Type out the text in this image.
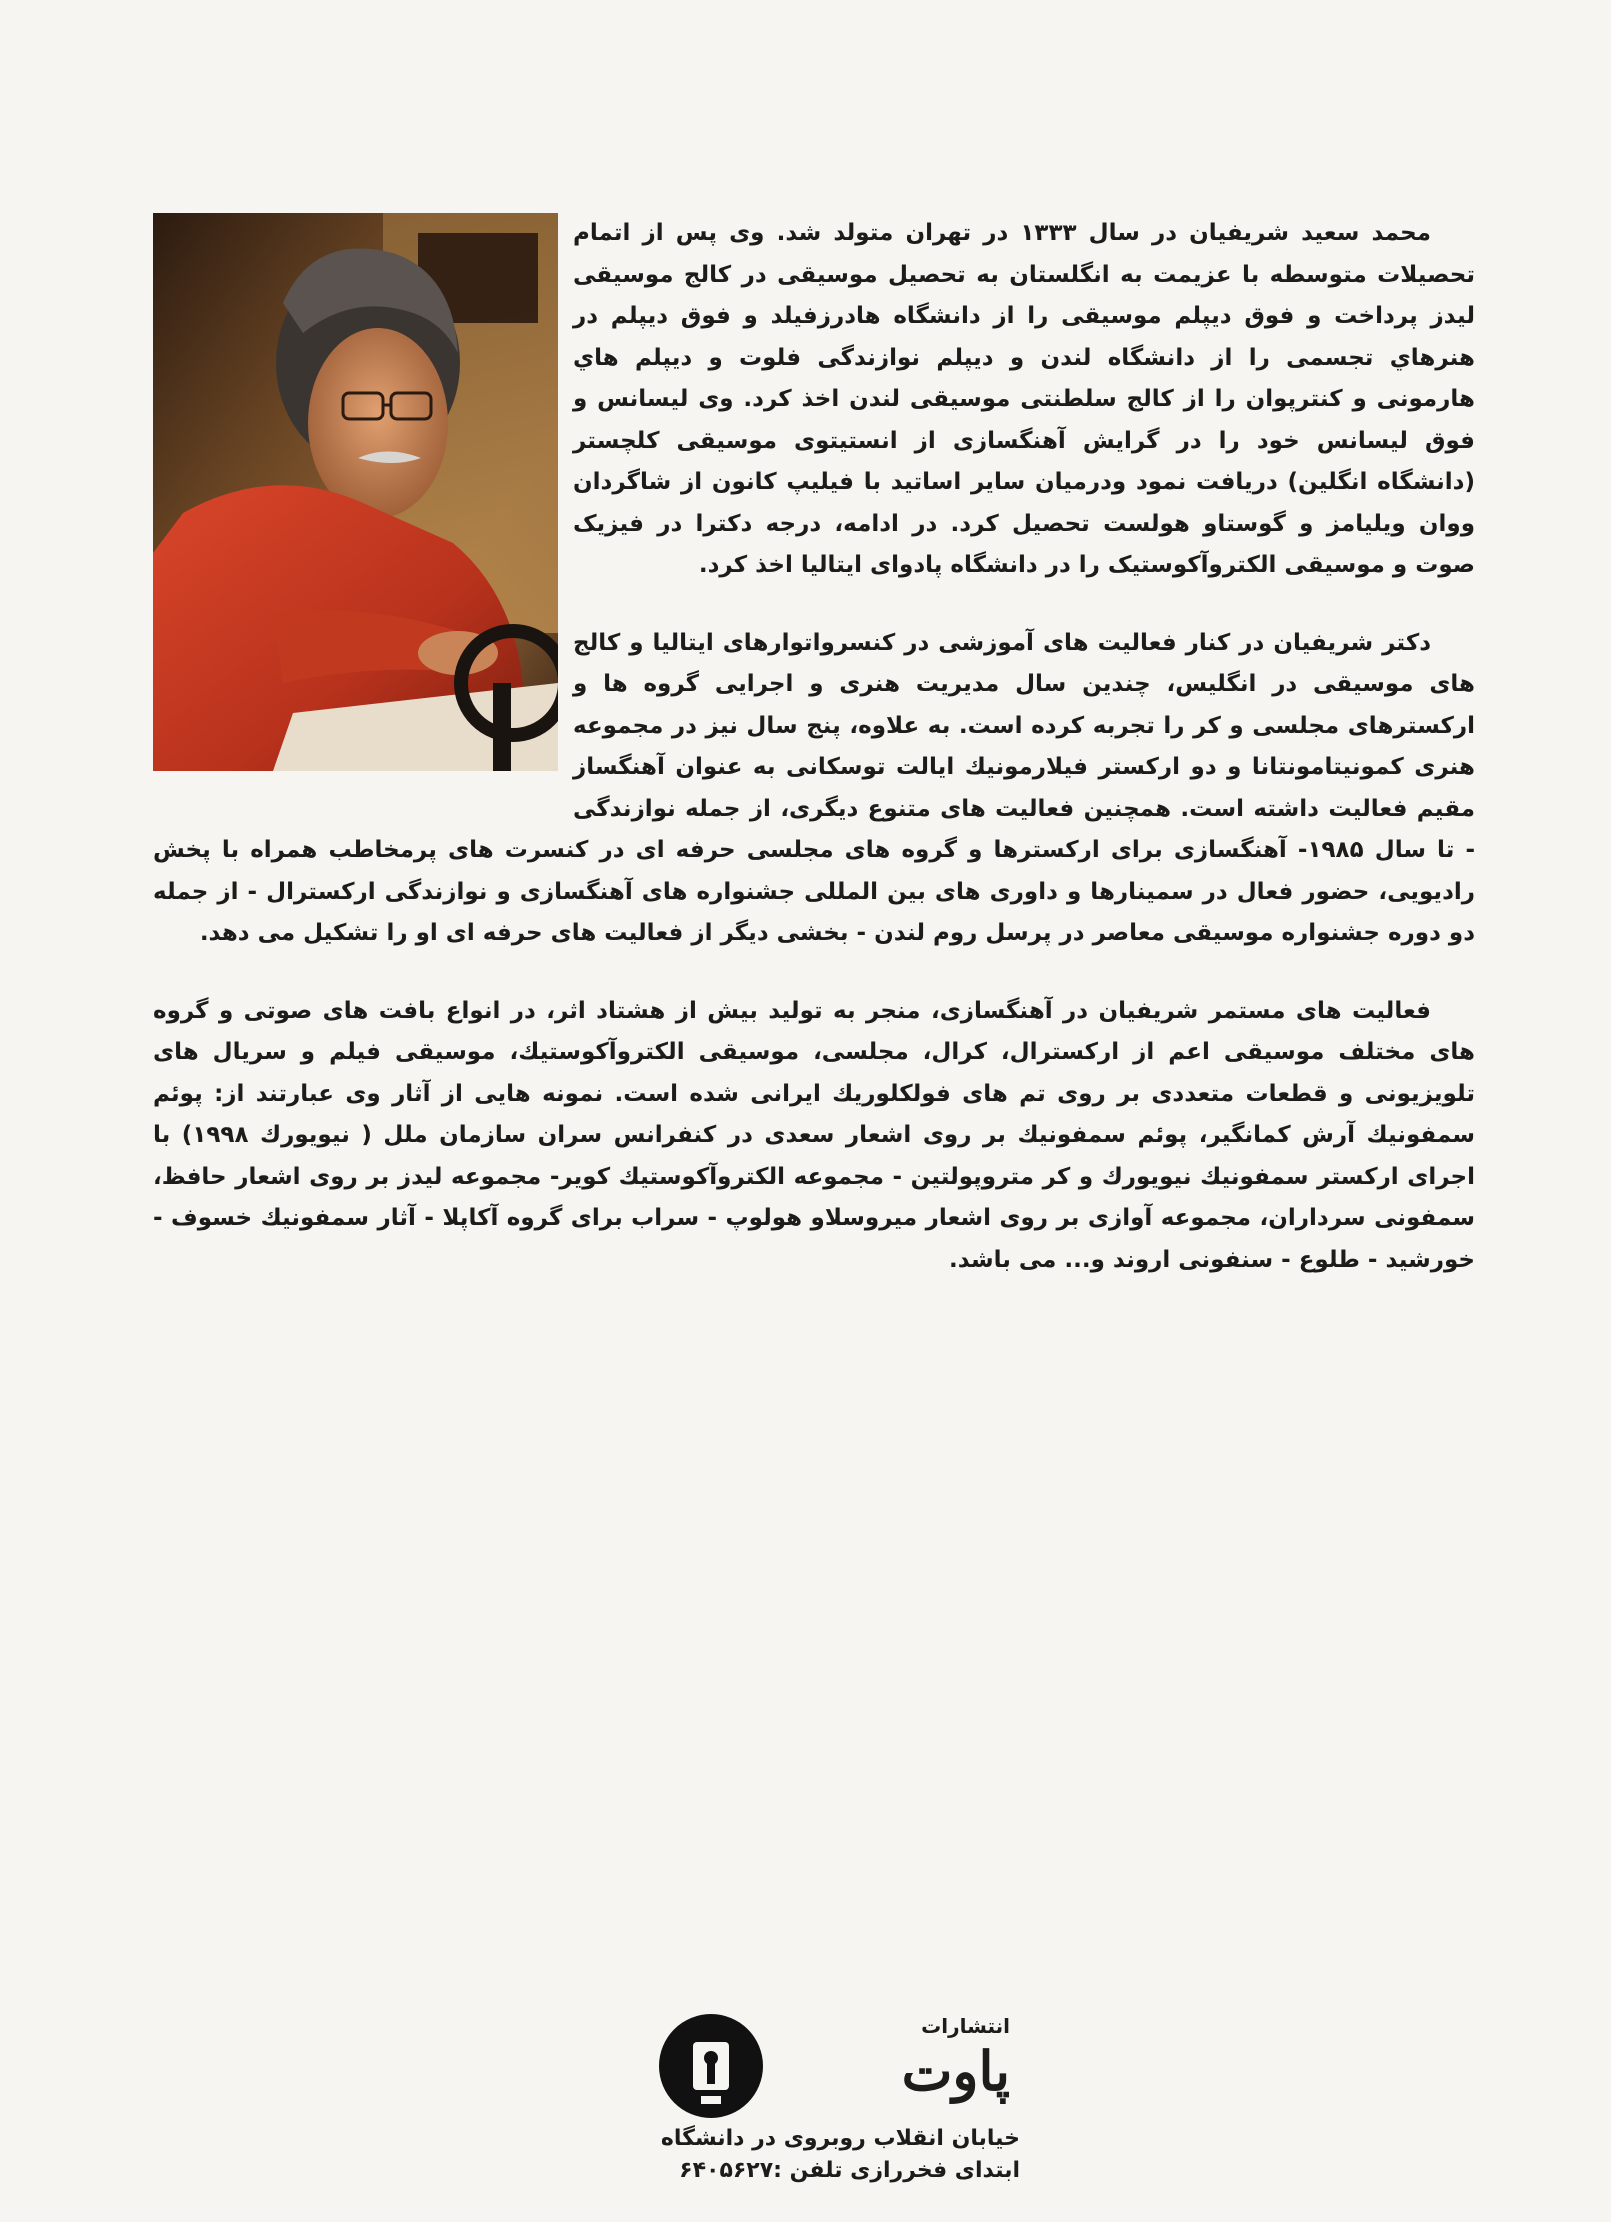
محمد سعید شریفیان در سال ۱۳۳۳ در تهران متولد شد. وی پس از اتمام تحصیلات متوسطه با عزیمت به انگلستان به تحصیل موسیقی در کالج موسیقی لیدز پرداخت و فوق دیپلم موسیقی را از دانشگاه هادرزفیلد و فوق دیپلم در هنرهاي تجسمی را از دانشگاه لندن و دیپلم نوازندگی فلوت و دیپلم هاي هارمونی و کنترپوان را از کالج سلطنتی موسیقی لندن اخذ کرد. وی لیسانس و فوق لیسانس خود را در گرایش آهنگسازی از انستیتوی موسیقی کلچستر (دانشگاه انگلین) دریافت نمود ودرمیان سایر اساتید با فیلیپ کانون از شاگردان ووان ویلیامز و گوستاو هولست تحصیل کرد. در ادامه، درجه دکترا در فیزیک صوت و موسیقی الکتروآکوستیک را در دانشگاه پادوای ایتالیا اخذ کرد.

دکتر شریفیان در کنار فعالیت های آموزشی در کنسرواتوارهای ایتالیا و کالج های موسیقی در انگلیس، چندین سال مدیریت هنری و اجرایی گروه ها و ارکسترهای مجلسی و کر را تجربه کرده است. به علاوه، پنج سال نیز در مجموعه هنری کمونیتامونتانا و دو ارکستر فیلارمونیك ایالت توسکانی به عنوان آهنگساز مقیم فعالیت داشته است. همچنین فعالیت های متنوع دیگری، از جمله نوازندگی - تا سال ۱۹۸۵- آهنگسازی برای ارکسترها و گروه های مجلسی حرفه ای در کنسرت های پرمخاطب همراه با پخش رادیویی، حضور فعال در سمینارها و داوری های بین المللی جشنواره های آهنگسازی و نوازندگی ارکسترال - از جمله دو دوره جشنواره موسیقی معاصر در پرسل روم لندن - بخشی دیگر از فعالیت های حرفه ای او را تشکیل می دهد.

فعالیت های مستمر شریفیان در آهنگسازی، منجر به تولید بیش از هشتاد اثر، در انواع بافت های صوتی و گروه های مختلف موسیقی اعم از ارکسترال، کرال، مجلسی، موسیقی الکتروآکوستیك، موسیقی فیلم و سریال های تلویزیونی و قطعات متعددی بر روی تم های فولکلوریك ایرانی شده است. نمونه هایی از آثار وی عبارتند از: پوئم سمفونیك آرش کمانگیر، پوئم سمفونیك بر روی اشعار سعدی در کنفرانس سران سازمان ملل ( نیویورك ۱۹۹۸) با اجرای ارکستر سمفونیك نیویورك و کر متروپولتین - مجموعه الکتروآکوستیك کویر- مجموعه لیدز بر روی اشعار حافظ، سمفونی سرداران، مجموعه آوازی بر روی اشعار میروسلاو هولوپ - سراب برای گروه آکاپلا - آثار سمفونیك خسوف - خورشید - طلوع - سنفونی اروند و... می باشد.

انتشارات
پاوت
خیابان انقلاب روبروی در دانشگاه
ابتدای فخررازی تلفن :۶۴۰۵۶۲۷
